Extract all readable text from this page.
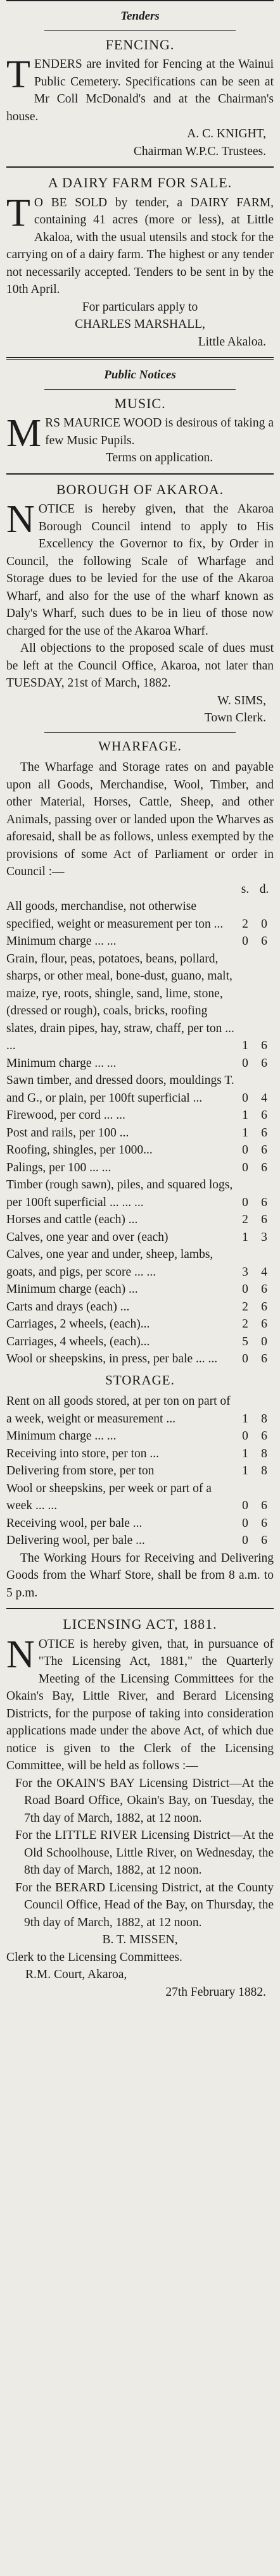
Tenders
FENCING.

TENDERS are invited for Fencing at the Wainui Public Cemetery. Specifications can be seen at Mr Coll McDonald's and at the Chairman's house.

A. C. KNIGHT,
Chairman W.P.C. Trustees.
A DAIRY FARM FOR SALE.

T O BE SOLD by tender, a DAIRY FARM, containing 41 acres (more or less), at Little Akaloa, with the usual utensils and stock for the carrying on of a dairy farm. The highest or any tender not necessarily accepted. Tenders to be sent in by the 10th April.

For particulars apply to
CHARLES MARSHALL,
Little Akaloa.
Public Notices
MUSIC.

MRS MAURICE WOOD is desirous of taking a few Music Pupils.

Terms on application.
BOROUGH OF AKAROA.

NOTICE is hereby given, that the Akaroa Borough Council intend to apply to His Excellency the Governor to fix, by Order in Council, the following Scale of Wharfage and Storage dues to be levied for the use of the Akaroa Wharf, and also for the use of the wharf known as Daly's Wharf, such dues to be in lieu of those now charged for the use of the Akaroa Wharf.

All objections to the proposed scale of dues must be left at the Council Office, Akaroa, not later than TUESDAY, 21st of March, 1882.

W. SIMS,
Town Clerk.
WHARFAGE.

The Wharfage and Storage rates on and payable upon all Goods, Merchandise, Wool, Timber, and other Material, Horses, Cattle, Sheep, and other Animals, passing over or landed upon the Wharves as aforesaid, shall be as follows, unless exempted by the provisions of some Act of Parliament or order in Council :—

	s.	d.
All goods, merchandise, not otherwise specified, weight or measurement per ton ...	2	0
Minimum charge ... ...	0	6
Grain, flour, peas, potatoes, beans, pollard, sharps, or other meal, bone-dust, guano, malt, maize, rye, roots, shingle, sand, lime, stone, (dressed or rough), coals, bricks, roofing slates, drain pipes, hay, straw, chaff, per ton ... ...	1	6
Minimum charge ... ...	0	6
Sawn timber, and dressed doors, mouldings T. and G., or plain, per 100ft superficial ...	0	4
Firewood, per cord ... ...	1	6
Post and rails, per 100 ...	1	6
Roofing, shingles, per 1000...	0	6
Palings, per 100 ... ...	0	6
Timber (rough sawn), piles, and squared logs, per 100ft superficial ... ... ...	0	6
Horses and cattle (each) ...	2	6
Calves, one year and over (each)	1	3
Calves, one year and under, sheep, lambs, goats, and pigs, per score ... ...	3	4
Minimum charge (each) ...	0	6
Carts and drays (each) ...	2	6
Carriages, 2 wheels, (each)...	2	6
Carriages, 4 wheels, (each)...	5	0
Wool or sheepskins, in press, per bale ... ...	0	6
STORAGE.
Rent on all goods stored, at per ton on part of a week, weight or measurement ...	1	8
Minimum charge ... ...	0	6
Receiving into store, per ton ...	1	8
Delivering from store, per ton	1	8
Wool or sheepskins, per week or part of a week ... ...	0	6
Receiving wool, per bale ...	0	6
Delivering wool, per bale ...	0	6

The Working Hours for Receiving and Delivering Goods from the Wharf Store, shall be from 8 a.m. to 5 p.m.

LICENSING ACT, 1881.

NOTICE is hereby given, that, in pursuance of "The Licensing Act, 1881," the Quarterly Meeting of the Licensing Committees for the Okain's Bay, Little River, and Berard Licensing Districts, for the purpose of taking into consideration applications made under the above Act, of which due notice is given to the Clerk of the Licensing Committee, will be held as follows :—

For the OKAIN'S BAY Licensing District—At the Road Board Office, Okain's Bay, on Tuesday, the 7th day of March, 1882, at 12 noon.

For the LITTLE RIVER Licensing District—At the Old Schoolhouse, Little River, on Wednesday, the 8th day of March, 1882, at 12 noon.

For the BERARD Licensing District, at the County Council Office, Head of the Bay, on Thursday, the 9th day of March, 1882, at 12 noon.

B. T. MISSEN,
Clerk to the Licensing Committees.
R.M. Court, Akaroa,
27th February 1882.
